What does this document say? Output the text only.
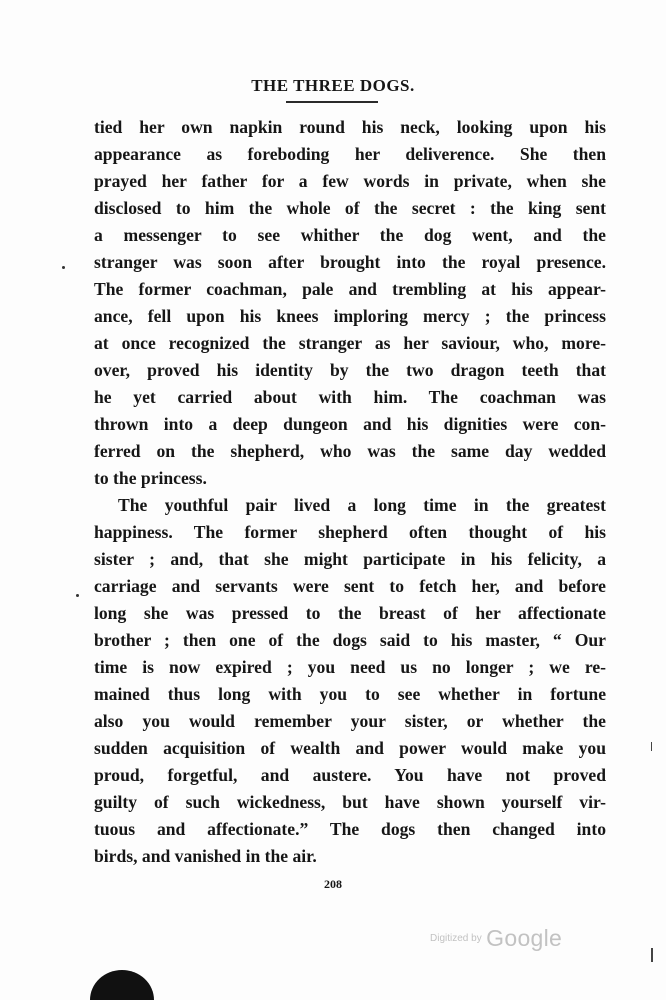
THE THREE DOGS.
tied her own napkin round his neck, looking upon his
appearance as foreboding her deliverence. She then
prayed her father for a few words in private, when she
disclosed to him the whole of the secret : the king sent
a messenger to see whither the dog went, and the
stranger was soon after brought into the royal presence.
The former coachman, pale and trembling at his appear-
ance, fell upon his knees imploring mercy ; the princess
at once recognized the stranger as her saviour, who, more-
over, proved his identity by the two dragon teeth that
he yet carried about with him. The coachman was
thrown into a deep dungeon and his dignities were con-
ferred on the shepherd, who was the same day wedded
to the princess.
The youthful pair lived a long time in the greatest
happiness. The former shepherd often thought of his
sister ; and, that she might participate in his felicity, a
carriage and servants were sent to fetch her, and before
long she was pressed to the breast of her affectionate
brother ; then one of the dogs said to his master, “ Our
time is now expired ; you need us no longer ; we re-
mained thus long with you to see whether in fortune
also you would remember your sister, or whether the
sudden acquisition of wealth and power would make you
proud, forgetful, and austere. You have not proved
guilty of such wickedness, but have shown yourself vir-
tuous and affectionate.” The dogs then changed into
birds, and vanished in the air.
208
Digitized by Google
